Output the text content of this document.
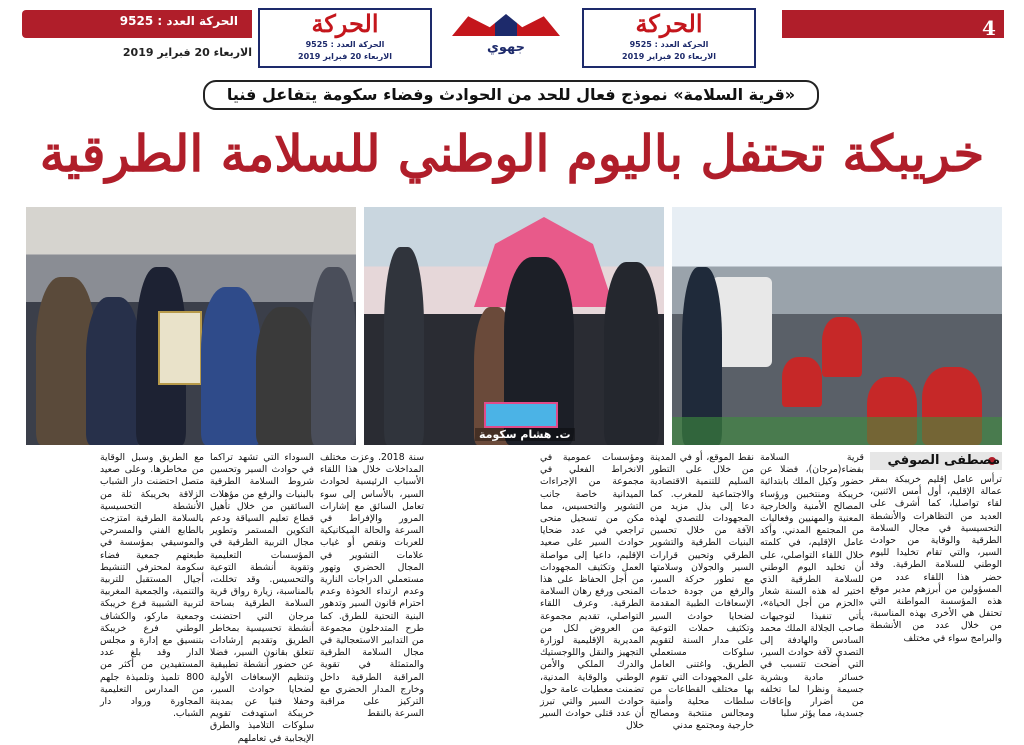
الحركة العدد : 9525
الاربعاء 20 فبراير 2019
الحركة
الحركة العدد : 9525
الاربعاء 20 فبراير 2019
جهوي
الحركة
الحركة العدد : 9525
الاربعاء 20 فبراير 2019
4
«قرية السلامة» نموذج فعال للحد من الحوادث وفضاء سكومة يتفاعل فنيا
خريبكة تحتفل باليوم الوطني للسلامة الطرقية
ت. هشام سكومة
مصطفى الصوفي

ترأس عامل إقليم خريبكة بمقر عمالة الإقليم، أول أمس الاثنين، لقاء تواصليا، كما أشرف على العديد من التظاهرات والأنشطة التحسيسية في مجال السلامة الطرقية والوقاية من حوادث السير، والتي تقام تخليدا لليوم الوطني للسلامة الطرقية. وقد حضر هذا اللقاء عدد من المسؤولين من أبرزهم مدير موقع هذه المؤسسة المواطنة التي تحتفل هي الأخرى بهذه المناسبة، من خلال عدد من الأنشطة والبرامج سواء في مختلف

قرية السلامة بفضاء(مرجان)، فضلا عن حضور وكيل الملك بابتدائية خريبكة ومنتخبين ورؤساء المصالح الأمنية والخارجية المعنية والمهنيين وفعاليات من المجتمع المدني. وأكد عامل الإقليم، في كلمته خلال اللقاء التواصلي، على أن تخليد اليوم الوطني للسلامة الطرقية الذي اختير له هذه السنة شعار «الحزم من أجل الحياة»، يأتي تنفيذا لتوجيهات صاحب الجلالة الملك محمد السادس والهادفة إلى التصدي لآفة حوادث السير، التي أضحت تتسبب في خسائر مادية وبشرية جسيمة ونظرا لما تخلفه من أضرار وإعاقات جسدية، مما يؤثر سلبا

نقط الموقع، أو في المدينة من خلال على التطور السليم للتنمية الاقتصادية والاجتماعية للمغرب. كما دعا إلى بذل مزيد من المجهودات للتصدي لهذه الآفة من خلال تحسين البنيات الطرقية والتشوير الطرقي وتحيين قرارات السير والجولان وسلامتها مع تطور حركة السير، والرفع من جودة خدمات الإسعافات الطبية المقدمة لضحايا حوادث السير وتكثيف حملات التوعية على مدار السنة لتقويم سلوكات مستعملي الطريق. واغتنى العامل على المجهودات التي تقوم بها مختلف القطاعات من سلطات محلية وأمنية ومجالس منتخبة ومصالح خارجية ومجتمع مدني

ومؤسسات عمومية في الانخراط الفعلي في مجموعة من الإجراءات الميدانية خاصة جانب التشوير والتحسيس، مما مكن من تسجيل منحى تراجعي في عدد ضحايا حوادث السير على صعيد الإقليم، داعيا إلى مواصلة العمل وتكثيف المجهودات من أجل الحفاظ على هذا المنحى ورفع رهان السلامة الطرقية. وعرف اللقاء التواصلي، تقديم مجموعة من العروض لكل من المديرية الإقليمية لوزارة التجهيز والنقل واللوجستيك والدرك الملكي والأمن الوطني والوقاية المدنية، تضمنت معطيات عامة حول حوادث السير والتي تبرز أن عدد قتلى حوادث السير خلال

سنة 2018. وعزت مختلف المداخلات خلال هذا اللقاء الأسباب الرئيسية لحوادث السير، بالأساس إلى سوء تعامل السائق مع إشارات المرور والإفراط في السرعة والحالة الميكانيكية للعربات ونقص أو غياب علامات التشوير في المجال الحضري وتهور مستعملي الدراجات النارية وعدم ارتداء الخوذة وعدم احترام قانون السير وتدهور البنية التحتية للطرق. كما طرح المتدخلون مجموعة من التدابير الاستعجالية في مجال السلامة الطرقية والمتمثلة في تقوية المراقبة الطرقية داخل وخارج المدار الحضري مع التركيز على مراقبة السرعة بالنقط

السوداء التي تشهد تراكما في حوادث السير وتحسين شروط السلامة الطرقية بالبنيات والرفع من مؤهلات السائقين من خلال تأهيل قطاع تعليم السياقة ودعم التكوين المستمر وتطوير مجال التربية الطرقية في المؤسسات التعليمية وتقوية أنشطة التوعية والتحسيس. وقد تخللت، بالمناسبة، زيارة رواق قرية السلامة الطرقية بساحة مرجان التي احتضنت أنشطة تحسيسية بمخاطر الطريق وتقديم إرشادات تتعلق بقانون السير، فضلا عن حضور أنشطة تطبيقية وتنظيم الإسعافات الأولية لضحايا حوادث السير، وحفلا فنيا عن بمدينة خريبكة استهدفت تقويم سلوكات التلاميذ والطرق الإيجابية في تعاملهم

مع الطريق وسبل الوقاية من مخاطرها. وعلى صعيد متصل احتضنت دار الشباب الزلاقة بخريبكة ثلة من الأنشطة التحسيسية بالسلامة الطرقية امتزجت بالطابع الفني والمسرحي والموسيقي بمؤسسة في طبعتهم جمعية فضاء سكومة لمحترفي التنشيط أجيال المستقبل للتربية والتنمية، والجمعية المغربية لتربية الشبيبة فرع خريبكة وجمعية ماركو، والكشاف الوطني فرع خريبكة بتنسيق مع إدارة و مجلس الدار وقد بلغ عدد المستفيدين من أكثر من 800 تلميذ وتلميذة جلهم من المدارس التعليمية المجاورة ورواد دار الشباب.
